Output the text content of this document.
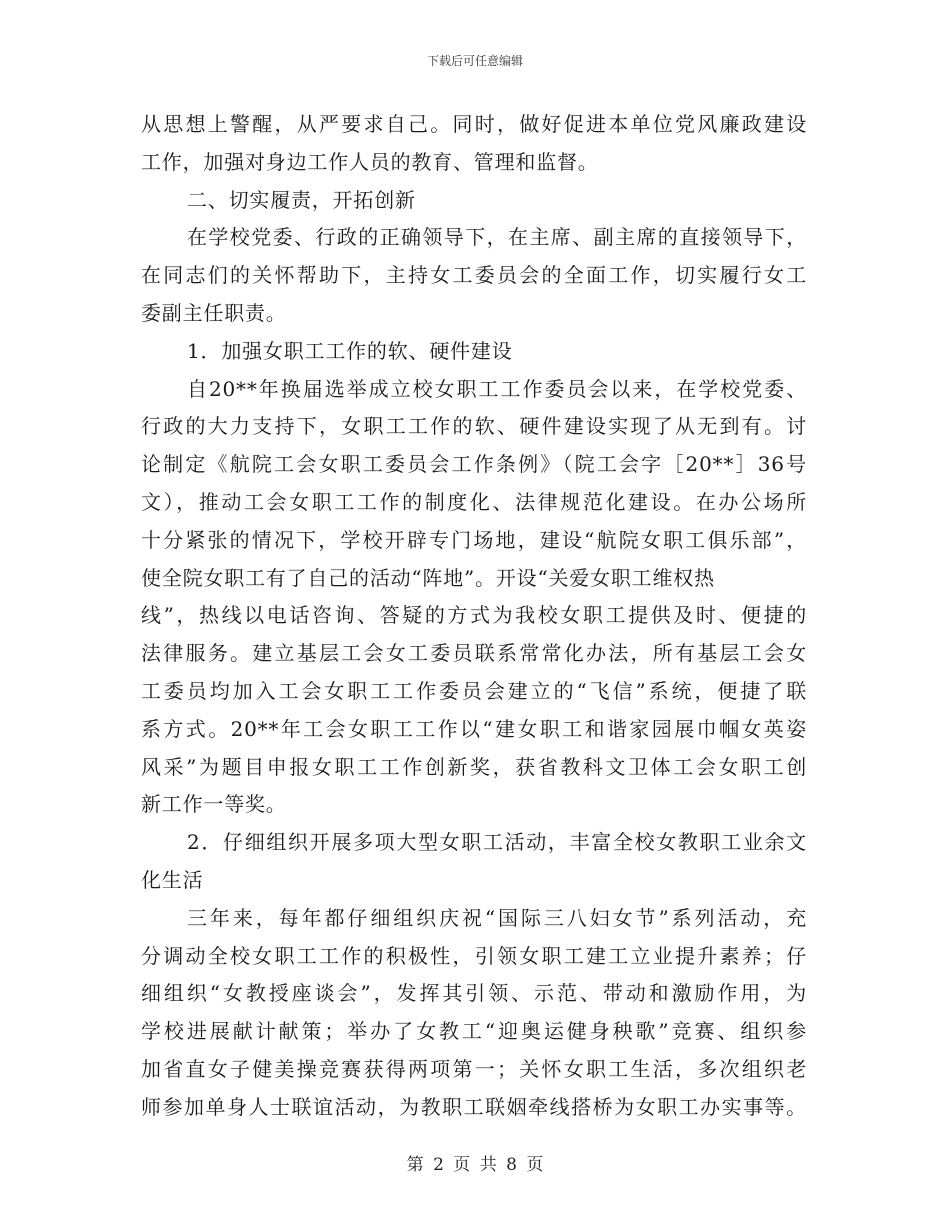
下载后可任意编辑
从思想上警醒，从严要求自己。同时，做好促进本单位党风廉政建设
工作，加强对身边工作人员的教育、管理和监督。
二、切实履责，开拓创新
在学校党委、行政的正确领导下，在主席、副主席的直接领导下，
在同志们的关怀帮助下，主持女工委员会的全面工作，切实履行女工
委副主任职责。
1．加强女职工工作的软、硬件建设
自20**年换届选举成立校女职工工作委员会以来，在学校党委、
行政的大力支持下，女职工工作的软、硬件建设实现了从无到有。讨
论制定《航院工会女职工委员会工作条例》（院工会字［20**］36号
文），推动工会女职工工作的制度化、法律规范化建设。在办公场所
十分紧张的情况下，学校开辟专门场地，建设“航院女职工俱乐部”，
使全院女职工有了自己的活动“阵地”。开设“关爱女职工维权热
线”，热线以电话咨询、答疑的方式为我校女职工提供及时、便捷的
法律服务。建立基层工会女工委员联系常常化办法，所有基层工会女
工委员均加入工会女职工工作委员会建立的“飞信”系统，便捷了联
系方式。20**年工会女职工工作以“建女职工和谐家园展巾帼女英姿
风采”为题目申报女职工工作创新奖，获省教科文卫体工会女职工创
新工作一等奖。
2．仔细组织开展多项大型女职工活动，丰富全校女教职工业余文
化生活
三年来，每年都仔细组织庆祝“国际三八妇女节”系列活动，充
分调动全校女职工工作的积极性，引领女职工建工立业提升素养；仔
细组织“女教授座谈会”，发挥其引领、示范、带动和激励作用，为
学校进展献计献策；举办了女教工“迎奥运健身秧歌”竞赛、组织参
加省直女子健美操竞赛获得两项第一；关怀女职工生活，多次组织老
师参加单身人士联谊活动，为教职工联姻牵线搭桥为女职工办实事等。
第 2 页 共 8 页
